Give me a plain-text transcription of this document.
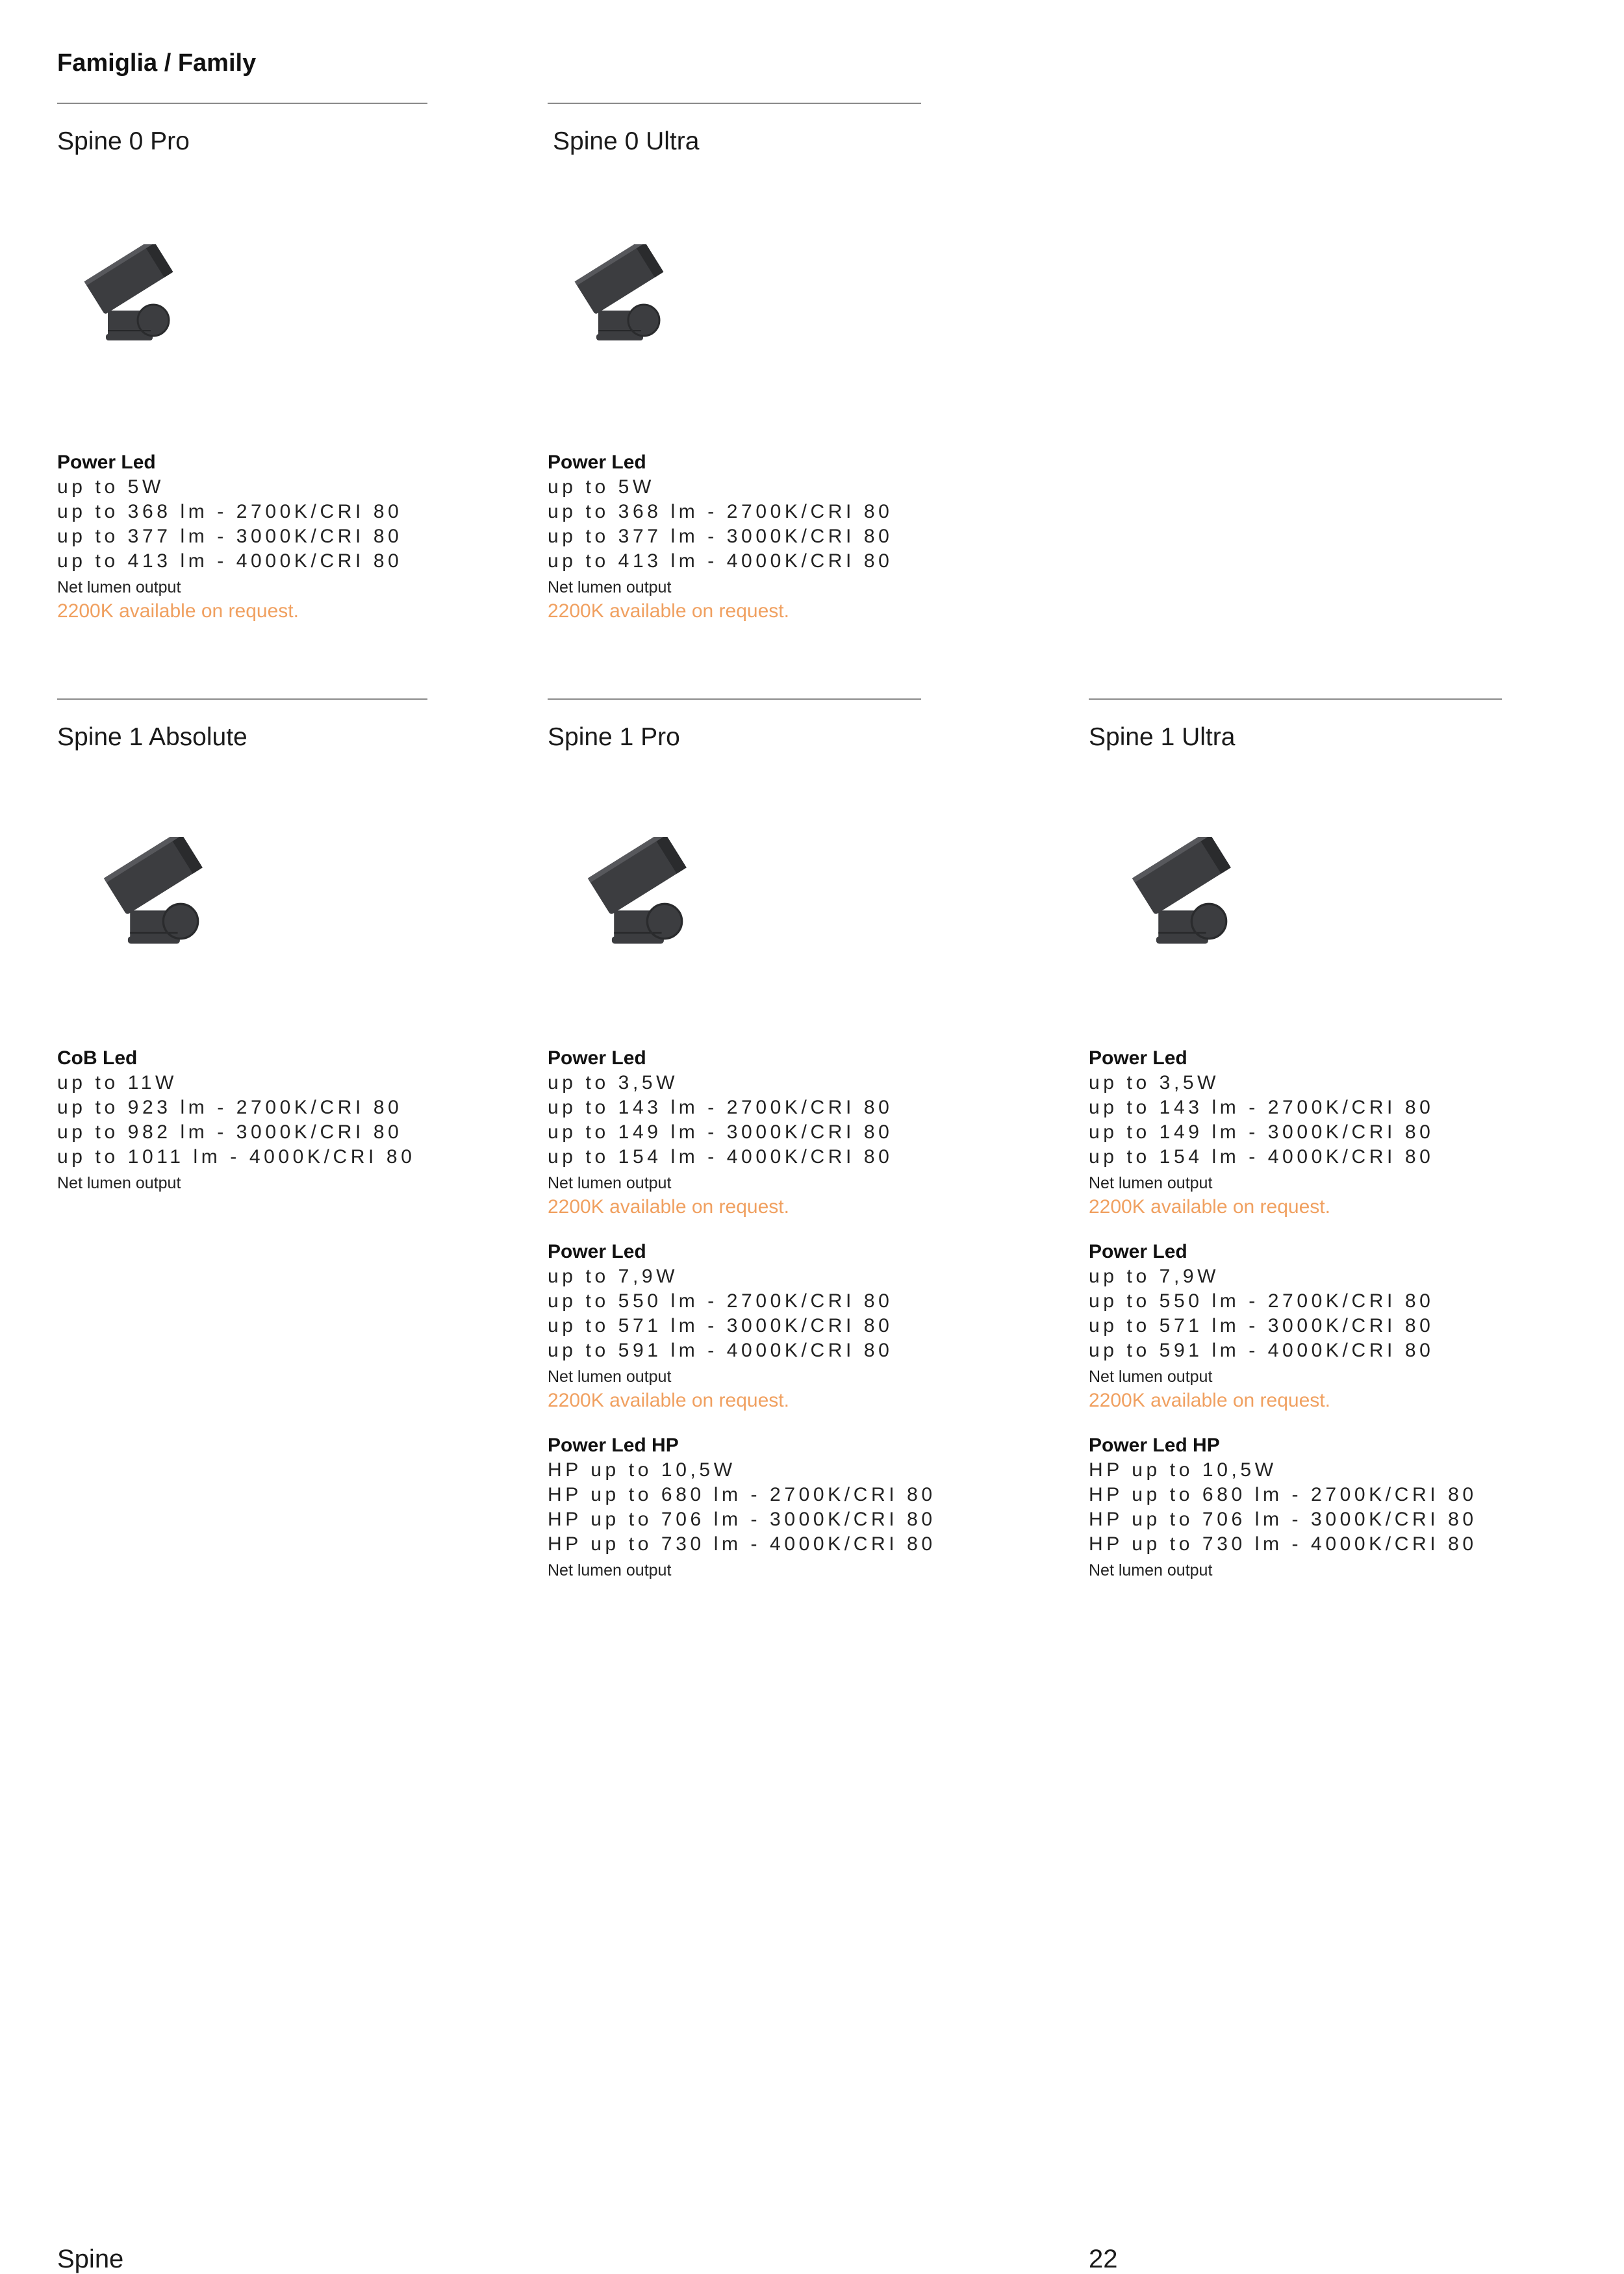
Famiglia / Family
Spine 0 Pro
Power Led
up to 5W
up to 368 lm - 2700K/CRI 80
up to 377 lm - 3000K/CRI 80
up to 413 lm - 4000K/CRI 80
Net lumen output
2200K available on request.
Spine 0 Ultra
Power Led
up to 5W
up to 368 lm - 2700K/CRI 80
up to 377 lm - 3000K/CRI 80
up to 413 lm - 4000K/CRI 80
Net lumen output
2200K available on request.
Spine 1 Absolute
CoB Led
up to 11W
up to 923 lm - 2700K/CRI 80
up to 982 lm - 3000K/CRI 80
up to 1011 lm - 4000K/CRI 80
Net lumen output
Spine 1 Pro
Power Led
up to 3,5W
up to 143 lm - 2700K/CRI 80
up to 149 lm - 3000K/CRI 80
up to 154 lm - 4000K/CRI 80
Net lumen output
2200K available on request.
Power Led
up to 7,9W
up to 550 lm - 2700K/CRI 80
up to 571 lm - 3000K/CRI 80
up to 591 lm - 4000K/CRI 80
Net lumen output
2200K available on request.
Power Led HP
HP up to 10,5W
HP up to 680 lm - 2700K/CRI 80
HP up to 706 lm - 3000K/CRI 80
HP up to 730 lm - 4000K/CRI 80
Net lumen output
Spine 1 Ultra
Power Led
up to 3,5W
up to 143 lm - 2700K/CRI 80
up to 149 lm - 3000K/CRI 80
up to 154 lm - 4000K/CRI 80
Net lumen output
2200K available on request.
Power Led
up to 7,9W
up to 550 lm - 2700K/CRI 80
up to 571 lm - 3000K/CRI 80
up to 591 lm - 4000K/CRI 80
Net lumen output
2200K available on request.
Power Led HP
HP up to 10,5W
HP up to 680 lm - 2700K/CRI 80
HP up to 706 lm - 3000K/CRI 80
HP up to 730 lm - 4000K/CRI 80
Net lumen output
Spine	22
